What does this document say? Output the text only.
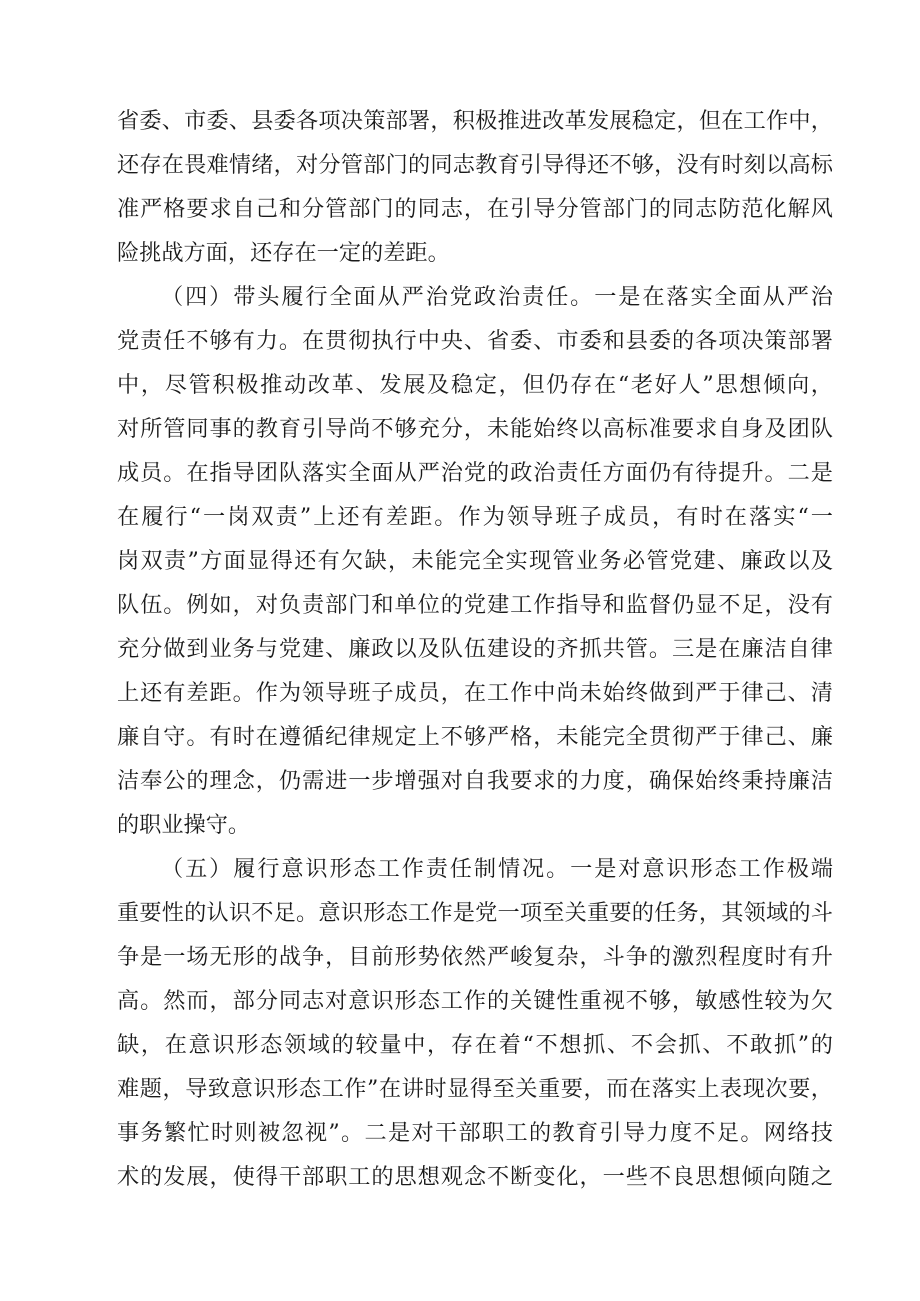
省委、市委、县委各项决策部署，积极推进改革发展稳定，但在工作中，
还存在畏难情绪，对分管部门的同志教育引导得还不够，没有时刻以高标
准严格要求自己和分管部门的同志，在引导分管部门的同志防范化解风
险挑战方面，还存在一定的差距。
（四）带头履行全面从严治党政治责任。一是在落实全面从严治
党责任不够有力。在贯彻执行中央、省委、市委和县委的各项决策部署
中，尽管积极推动改革、发展及稳定，但仍存在“老好人”思想倾向，
对所管同事的教育引导尚不够充分，未能始终以高标准要求自身及团队
成员。在指导团队落实全面从严治党的政治责任方面仍有待提升。二是
在履行“一岗双责”上还有差距。作为领导班子成员，有时在落实“一
岗双责”方面显得还有欠缺，未能完全实现管业务必管党建、廉政以及
队伍。例如，对负责部门和单位的党建工作指导和监督仍显不足，没有
充分做到业务与党建、廉政以及队伍建设的齐抓共管。三是在廉洁自律
上还有差距。作为领导班子成员，在工作中尚未始终做到严于律己、清
廉自守。有时在遵循纪律规定上不够严格，未能完全贯彻严于律己、廉
洁奉公的理念，仍需进一步增强对自我要求的力度，确保始终秉持廉洁
的职业操守。
（五）履行意识形态工作责任制情况。一是对意识形态工作极端
重要性的认识不足。意识形态工作是党一项至关重要的任务，其领域的斗
争是一场无形的战争，目前形势依然严峻复杂，斗争的激烈程度时有升
高。然而，部分同志对意识形态工作的关键性重视不够，敏感性较为欠
缺，在意识形态领域的较量中，存在着“不想抓、不会抓、不敢抓”的
难题，导致意识形态工作”在讲时显得至关重要，而在落实上表现次要，
事务繁忙时则被忽视”。二是对干部职工的教育引导力度不足。网络技
术的发展，使得干部职工的思想观念不断变化，一些不良思想倾向随之
